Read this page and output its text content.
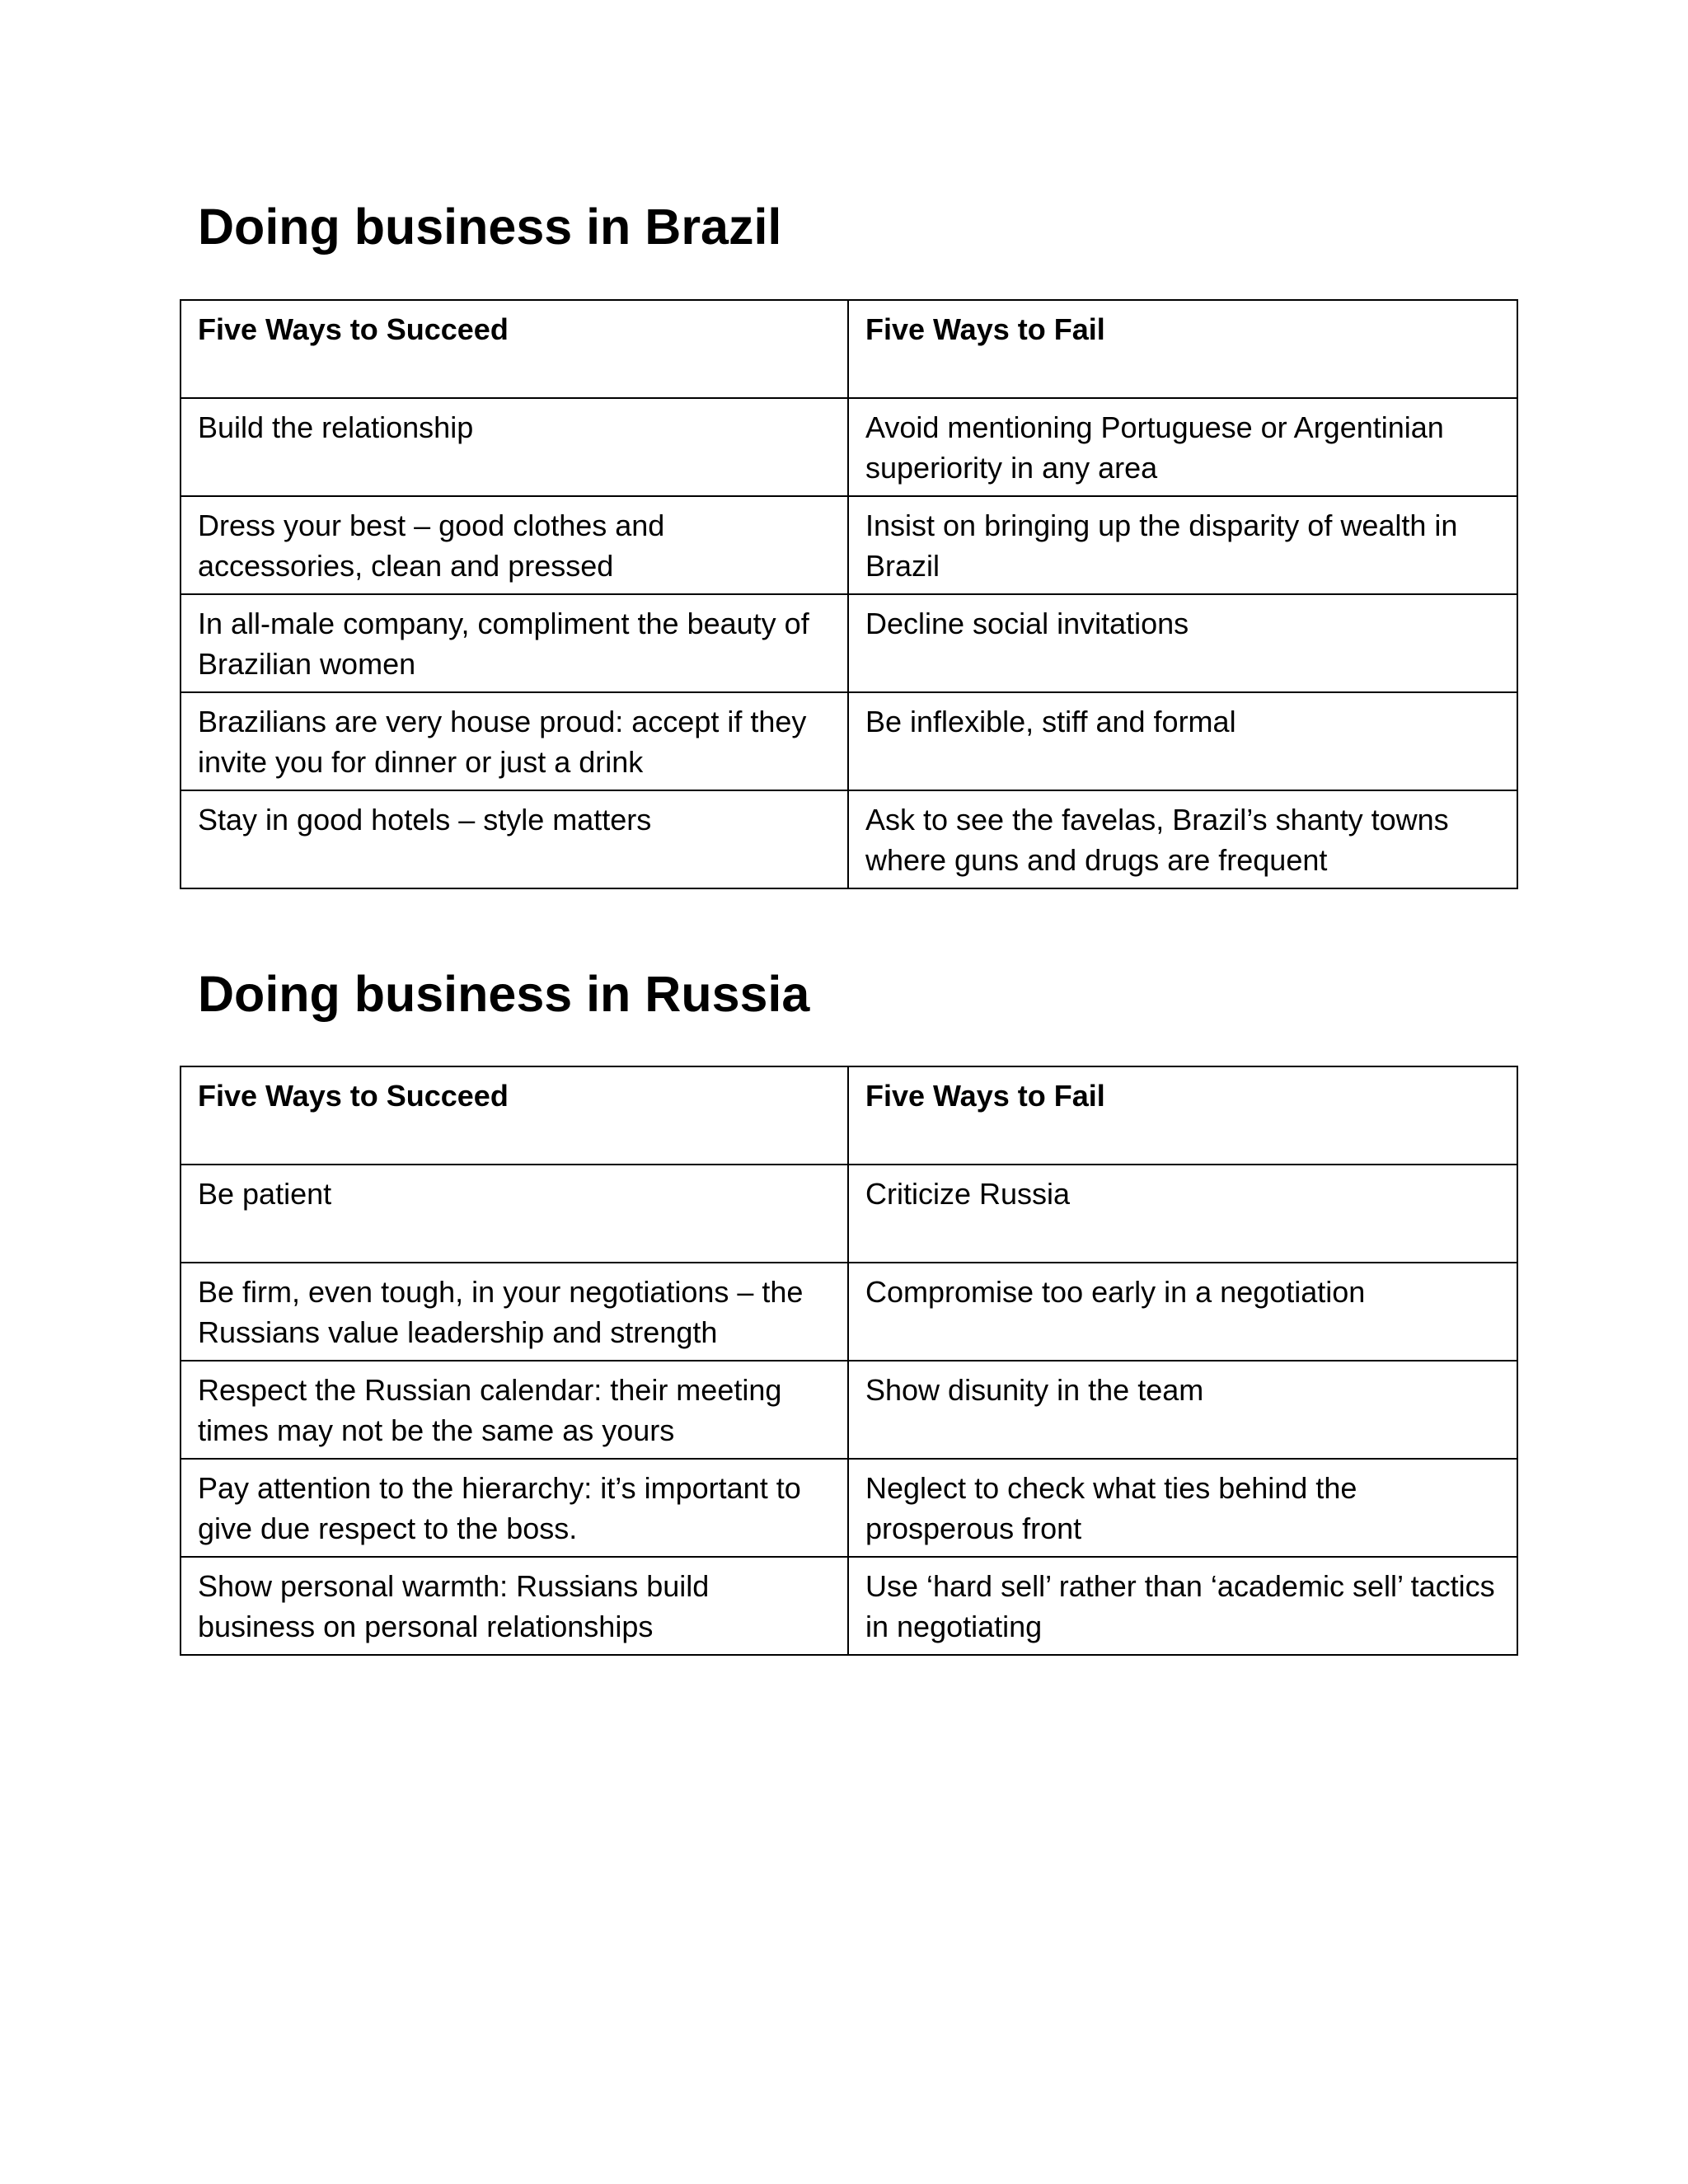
Doing business in Brazil
Five Ways to Succeed	Five Ways to Fail
Build the relationship	Avoid mentioning Portuguese or Argentinian superiority in any area
Dress your best – good clothes and accessories, clean and pressed	Insist on bringing up the disparity of wealth in Brazil
In all-male company, compliment the beauty of Brazilian women	Decline social invitations
Brazilians are very house proud: accept if they invite you for dinner or just a drink	Be inflexible, stiff and formal
Stay in good hotels – style matters	Ask to see the favelas, Brazil’s shanty towns where guns and drugs are frequent
Doing business in Russia
Five Ways to Succeed	Five Ways to Fail
Be patient	Criticize Russia
Be firm, even tough, in your negotiations – the Russians value leadership and strength	Compromise too early in a negotiation
Respect the Russian calendar: their meeting times may not be the same as yours	Show disunity in the team
Pay attention to the hierarchy: it’s important to give due respect to the boss.	Neglect to check what ties behind the prosperous front
Show personal warmth: Russians build business on personal relationships	Use ‘hard sell’ rather than ‘academic sell’ tactics in negotiating
